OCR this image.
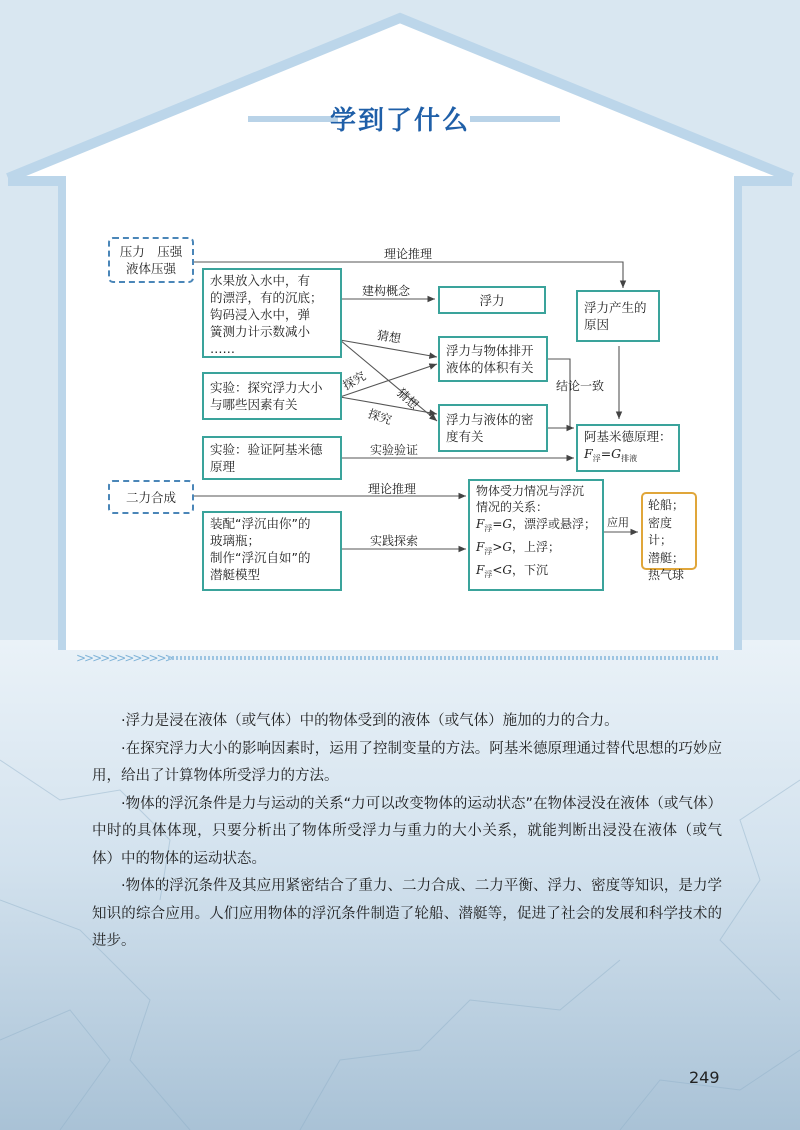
>>>>>>>>>>>>
学到了什么
压力　压强
液体压强
水果放入水中，有
的漂浮，有的沉底；
钩码浸入水中，弹
簧测力计示数减小
……
实验：探究浮力大小
与哪些因素有关
实验：验证阿基米德
原理
二力合成
装配“浮沉由你”的
玻璃瓶；
制作“浮沉自如”的
潜艇模型
浮力
浮力与物体排开
液体的体积有关
浮力与液体的密
度有关
物体受力情况与浮沉
情况的关系：
$F_浮=G$，漂浮或悬浮；
$F_浮>G$，上浮；
$F_浮<G$，下沉
浮力产生的
原因
阿基米德原理：
$F_浮=G_{排液}$
轮船；
密度计；
潜艇；
热气球
理论推理
建构概念
猜想
探究
猜想
探究
结论一致
实验验证
理论推理
实践探索
应用

·浮力是浸在液体（或气体）中的物体受到的液体（或气体）施加的力的合力。

·在探究浮力大小的影响因素时，运用了控制变量的方法。阿基米德原理通过替代思想的巧妙应用，给出了计算物体所受浮力的方法。

·物体的浮沉条件是力与运动的关系“力可以改变物体的运动状态”在物体浸没在液体（或气体）中时的具体体现，只要分析出了物体所受浮力与重力的大小关系，就能判断出浸没在液体（或气体）中的物体的运动状态。

·物体的浮沉条件及其应用紧密结合了重力、二力合成、二力平衡、浮力、密度等知识，是力学知识的综合应用。人们应用物体的浮沉条件制造了轮船、潜艇等，促进了社会的发展和科学技术的进步。

249
